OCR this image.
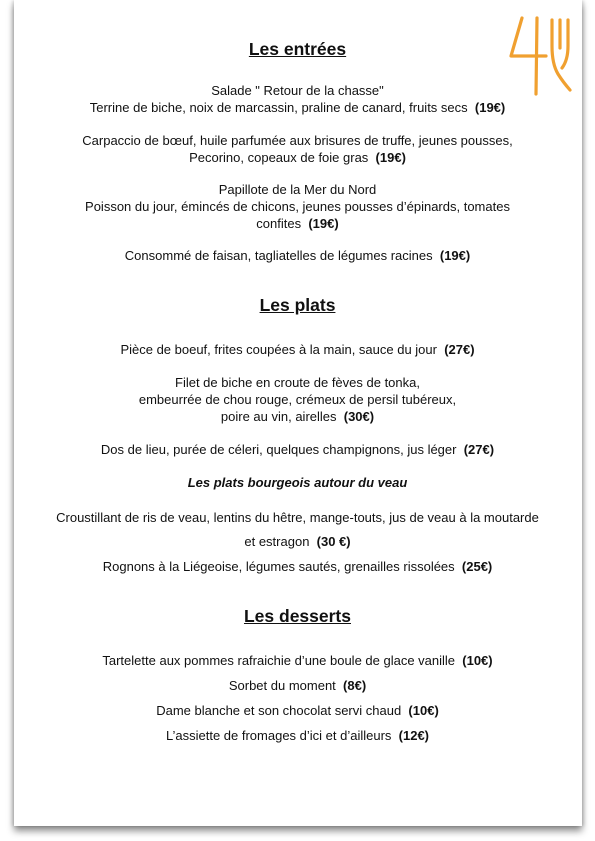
Les entrées
Salade " Retour de la chasse"
Terrine de biche, noix de marcassin, praline de canard, fruits secs (19€)
Carpaccio de bœuf, huile parfumée aux brisures de truffe, jeunes pousses,
Pecorino, copeaux de foie gras (19€)
Papillote de la Mer du Nord
Poisson du jour, émincés de chicons, jeunes pousses d’épinards, tomates
confites (19€)
Consommé de faisan, tagliatelles de légumes racines (19€)
Les plats
Pièce de boeuf, frites coupées à la main, sauce du jour (27€)
Filet de biche en croute de fèves de tonka,
embeurrée de chou rouge, crémeux de persil tubéreux,
poire au vin, airelles (30€)
Dos de lieu, purée de céleri, quelques champignons, jus léger (27€)
Les plats bourgeois autour du veau
Croustillant de ris de veau, lentins du hêtre, mange-touts, jus de veau à la moutarde
et estragon (30 €)
Rognons à la Liégeoise, légumes sautés, grenailles rissolées (25€)
Les desserts
Tartelette aux pommes rafraichie d’une boule de glace vanille (10€)
Sorbet du moment (8€)
Dame blanche et son chocolat servi chaud (10€)
L’assiette de fromages d’ici et d’ailleurs (12€)
